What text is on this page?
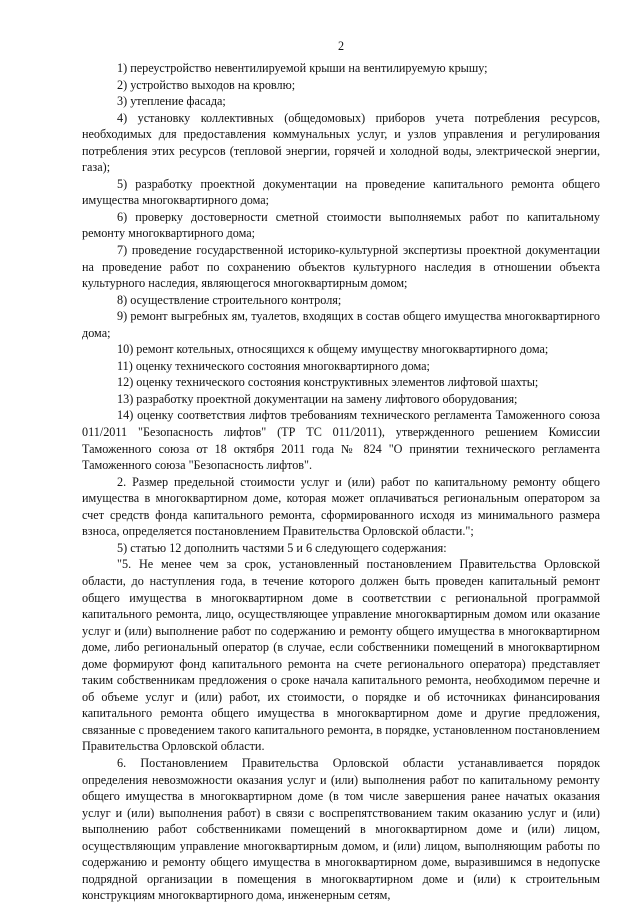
2

1) переустройство невентилируемой крыши на вентилируемую крышу;

2) устройство выходов на кровлю;

3) утепление фасада;

4) установку коллективных (общедомовых) приборов учета потребления ресурсов, необходимых для предоставления коммунальных услуг, и узлов управления и регулирования потребления этих ресурсов (тепловой энергии, горячей и холодной воды, электрической энергии, газа);

5) разработку проектной документации на проведение капитального ремонта общего имущества многоквартирного дома;

6) проверку достоверности сметной стоимости выполняемых работ по капитальному ремонту многоквартирного дома;

7) проведение государственной историко-культурной экспертизы проектной документации на проведение работ по сохранению объектов культурного наследия в отношении объекта культурного наследия, являющегося многоквартирным домом;

8) осуществление строительного контроля;

9) ремонт выгребных ям, туалетов, входящих в состав общего имущества многоквартирного дома;

10) ремонт котельных, относящихся к общему имуществу многоквартирного дома;

11) оценку технического состояния многоквартирного дома;

12) оценку технического состояния конструктивных элементов лифтовой шахты;

13) разработку проектной документации на замену лифтового оборудования;

14) оценку соответствия лифтов требованиям технического регламента Таможенного союза 011/2011 "Безопасность лифтов" (ТР ТС 011/2011), утвержденного решением Комиссии Таможенного союза от 18 октября 2011 года № 824 "О принятии технического регламента Таможенного союза "Безопасность лифтов".

2. Размер предельной стоимости услуг и (или) работ по капитальному ремонту общего имущества в многоквартирном доме, которая может оплачиваться региональным оператором за счет средств фонда капитального ремонта, сформированного исходя из минимального размера взноса, определяется постановлением Правительства Орловской области.";

5) статью 12 дополнить частями 5 и 6 следующего содержания:

"5. Не менее чем за срок, установленный постановлением Правительства Орловской области, до наступления года, в течение которого должен быть проведен капитальный ремонт общего имущества в многоквартирном доме в соответствии с региональной программой капитального ремонта, лицо, осуществляющее управление многоквартирным домом или оказание услуг и (или) выполнение работ по содержанию и ремонту общего имущества в многоквартирном доме, либо региональный оператор (в случае, если собственники помещений в многоквартирном доме формируют фонд капитального ремонта на счете регионального оператора) представляет таким собственникам предложения о сроке начала капитального ремонта, необходимом перечне и об объеме услуг и (или) работ, их стоимости, о порядке и об источниках финансирования капитального ремонта общего имущества в многоквартирном доме и другие предложения, связанные с проведением такого капитального ремонта, в порядке, установленном постановлением Правительства Орловской области.

6. Постановлением Правительства Орловской области устанавливается порядок определения невозможности оказания услуг и (или) выполнения работ по капитальному ремонту общего имущества в многоквартирном доме (в том числе завершения ранее начатых оказания услуг и (или) выполнения работ) в связи с воспрепятствованием таким оказанию услуг и (или) выполнению работ собственниками помещений в многоквартирном доме и (или) лицом, осуществляющим управление многоквартирным домом, и (или) лицом, выполняющим работы по содержанию и ремонту общего имущества в многоквартирном доме, выразившимся в недопуске подрядной организации в помещения в многоквартирном доме и (или) к строительным конструкциям многоквартирного дома, инженерным сетям,
